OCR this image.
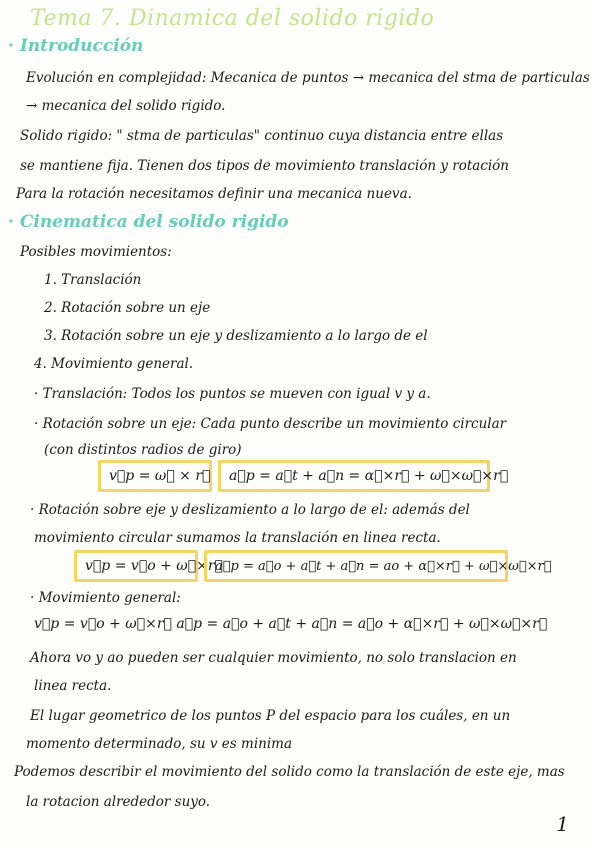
Tema 7. Dinamica del solido rigido
· Introducción
Evolución en complejidad: Mecanica de puntos → mecanica del stma de particulas
→ mecanica del solido rigido.
Solido rigido: " stma de particulas" continuo cuya distancia entre ellas
se mantiene fija. Tienen dos tipos de movimiento translación y rotación
Para la rotación necesitamos definir una mecanica nueva.
· Cinematica del solido rigido
Posibles movimientos:
1. Translación
2. Rotación sobre un eje
3. Rotación sobre un eje y deslizamiento a lo largo de el
4. Movimiento general.
· Translación: Todos los puntos se mueven con igual v y a.
· Rotación sobre un eje: Cada punto describe un movimiento circular
(con distintos radios de giro)
v⃗p = ω⃗ × r⃗	a⃗p = a⃗t + a⃗n = α⃗×r⃗ + ω⃗×ω⃗×r⃗
· Rotación sobre eje y deslizamiento a lo largo de el: además del
movimiento circular sumamos la translación en linea recta.
v⃗p = v⃗o + ω⃗×r⃗
a⃗p = a⃗o + a⃗t + a⃗n = ao + α⃗×r⃗ + ω⃗×ω⃗×r⃗
· Movimiento general:
v⃗p = v⃗o + ω⃗×r⃗ a⃗p = a⃗o + a⃗t + a⃗n = a⃗o + α⃗×r⃗ + ω⃗×ω⃗×r⃗
Ahora vo y ao pueden ser cualquier movimiento, no solo translacion en
linea recta.
El lugar geometrico de los puntos P del espacio para los cuáles, en un
momento determinado, su v es minima
Podemos describir el movimiento del solido como la translación de este eje, mas
la rotacion alrededor suyo.
1
